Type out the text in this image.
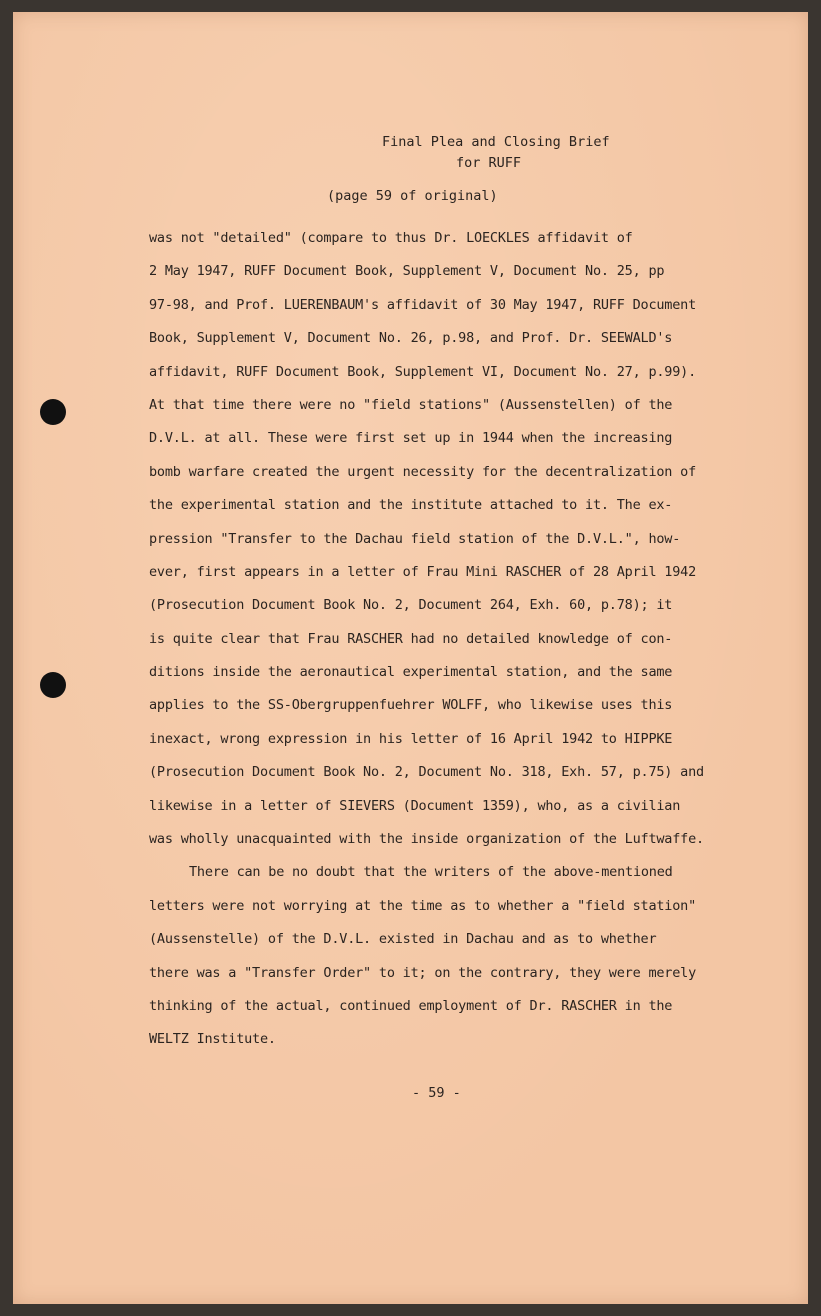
Final Plea and Closing Brief
for RUFF
(page 59 of original)
was not "detailed" (compare to thus Dr. LOECKLES affidavit of
2 May 1947, RUFF Document Book, Supplement V, Document No. 25, pp
97-98, and Prof. LUERENBAUM's affidavit of 30 May 1947, RUFF Document
Book, Supplement V, Document No. 26, p.98, and Prof. Dr. SEEWALD's
affidavit, RUFF Document Book, Supplement VI, Document No. 27, p.99).
At that time there were no "field stations" (Aussenstellen) of the
D.V.L. at all. These were first set up in 1944 when the increasing
bomb warfare created the urgent necessity for the decentralization of
the experimental station and the institute attached to it. The ex-
pression "Transfer to the Dachau field station of the D.V.L.", how-
ever, first appears in a letter of Frau Mini RASCHER of 28 April 1942
(Prosecution Document Book No. 2, Document 264, Exh. 60, p.78); it
is quite clear that Frau RASCHER had no detailed knowledge of con-
ditions inside the aeronautical experimental station, and the same
applies to the SS-Obergruppenfuehrer WOLFF, who likewise uses this
inexact, wrong expression in his letter of 16 April 1942 to HIPPKE
(Prosecution Document Book No. 2, Document No. 318, Exh. 57, p.75) and
likewise in a letter of SIEVERS (Document 1359), who, as a civilian
was wholly unacquainted with the inside organization of the Luftwaffe.
There can be no doubt that the writers of the above-mentioned
letters were not worrying at the time as to whether a "field station"
(Aussenstelle) of the D.V.L. existed in Dachau and as to whether
there was a "Transfer Order" to it; on the contrary, they were merely
thinking of the actual, continued employment of Dr. RASCHER in the
WELTZ Institute.
- 59 -
